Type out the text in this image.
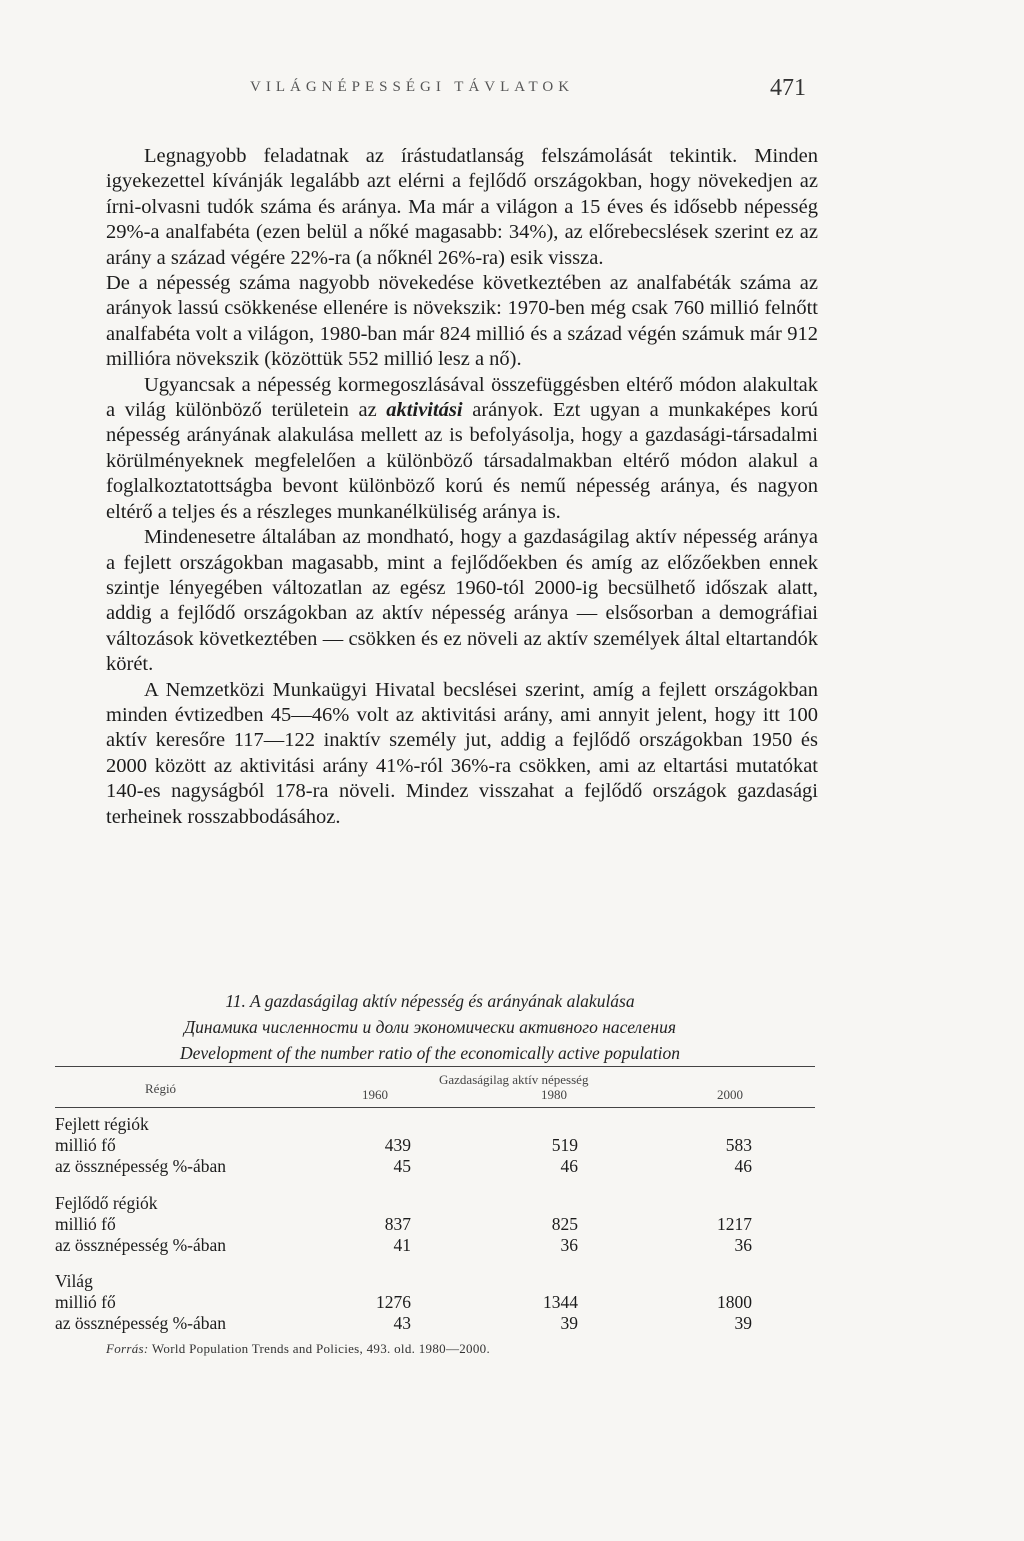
VILÁGNÉPESSÉGI TÁVLATOK	471

Legnagyobb feladatnak az írástudatlanság felszámolását tekintik. Minden igyekezettel kívánják legalább azt elérni a fejlődő országokban, hogy növekedjen az írni-olvasni tudók száma és aránya. Ma már a világon a 15 éves és idősebb népesség 29%-a analfabéta (ezen belül a nőké magasabb: 34%), az előrebecslések szerint ez az arány a század végére 22%-ra (a nőknél 26%-ra) esik vissza.

De a népesség száma nagyobb növekedése következtében az analfabéták száma az arányok lassú csökkenése ellenére is növekszik: 1970-ben még csak 760 millió felnőtt analfabéta volt a világon, 1980-ban már 824 millió és a század végén számuk már 912 millióra növekszik (közöttük 552 millió lesz a nő).

Ugyancsak a népesség kormegoszlásával összefüggésben eltérő módon alakultak a világ különböző területein az aktivitási arányok. Ezt ugyan a munkaképes korú népesség arányának alakulása mellett az is befolyásolja, hogy a gazdasági-társadalmi körülményeknek megfelelően a különböző társadalmakban eltérő módon alakul a foglalkoztatottságba bevont különböző korú és nemű népesség aránya, és nagyon eltérő a teljes és a részleges munkanélküliség aránya is.

Mindenesetre általában az mondható, hogy a gazdaságilag aktív népesség aránya a fejlett országokban magasabb, mint a fejlődőekben és amíg az előzőekben ennek szintje lényegében változatlan az egész 1960-tól 2000-ig becsülhető időszak alatt, addig a fejlődő országokban az aktív népesség aránya — elsősorban a demográfiai változások következtében — csökken és ez növeli az aktív személyek által eltartandók körét.

A Nemzetközi Munkaügyi Hivatal becslései szerint, amíg a fejlett országokban minden évtizedben 45—46% volt az aktivitási arány, ami annyit jelent, hogy itt 100 aktív keresőre 117—122 inaktív személy jut, addig a fejlődő országokban 1950 és 2000 között az aktivitási arány 41%-ról 36%-ra csökken, ami az eltartási mutatókat 140-es nagyságból 178-ra növeli. Mindez visszahat a fejlődő országok gazdasági terheinek rosszabbodásához.

11. A gazdaságilag aktív népesség és arányának alakulása
Динамика численности и доли экономически активного населения
Development of the number ratio of the economically active population
Régió
Gazdaságilag aktív népesség
1960	1980	2000
Fejlett régiók
millió fő	439	519	583
az össznépesség %-ában	45	46	46
Fejlődő régiók
millió fő	837	825	1217
az össznépesség %-ában	41	36	36
Világ
millió fő	1276	1344	1800
az össznépesség %-ában	43	39	39
Forrás: World Population Trends and Policies, 493. old. 1980—2000.
